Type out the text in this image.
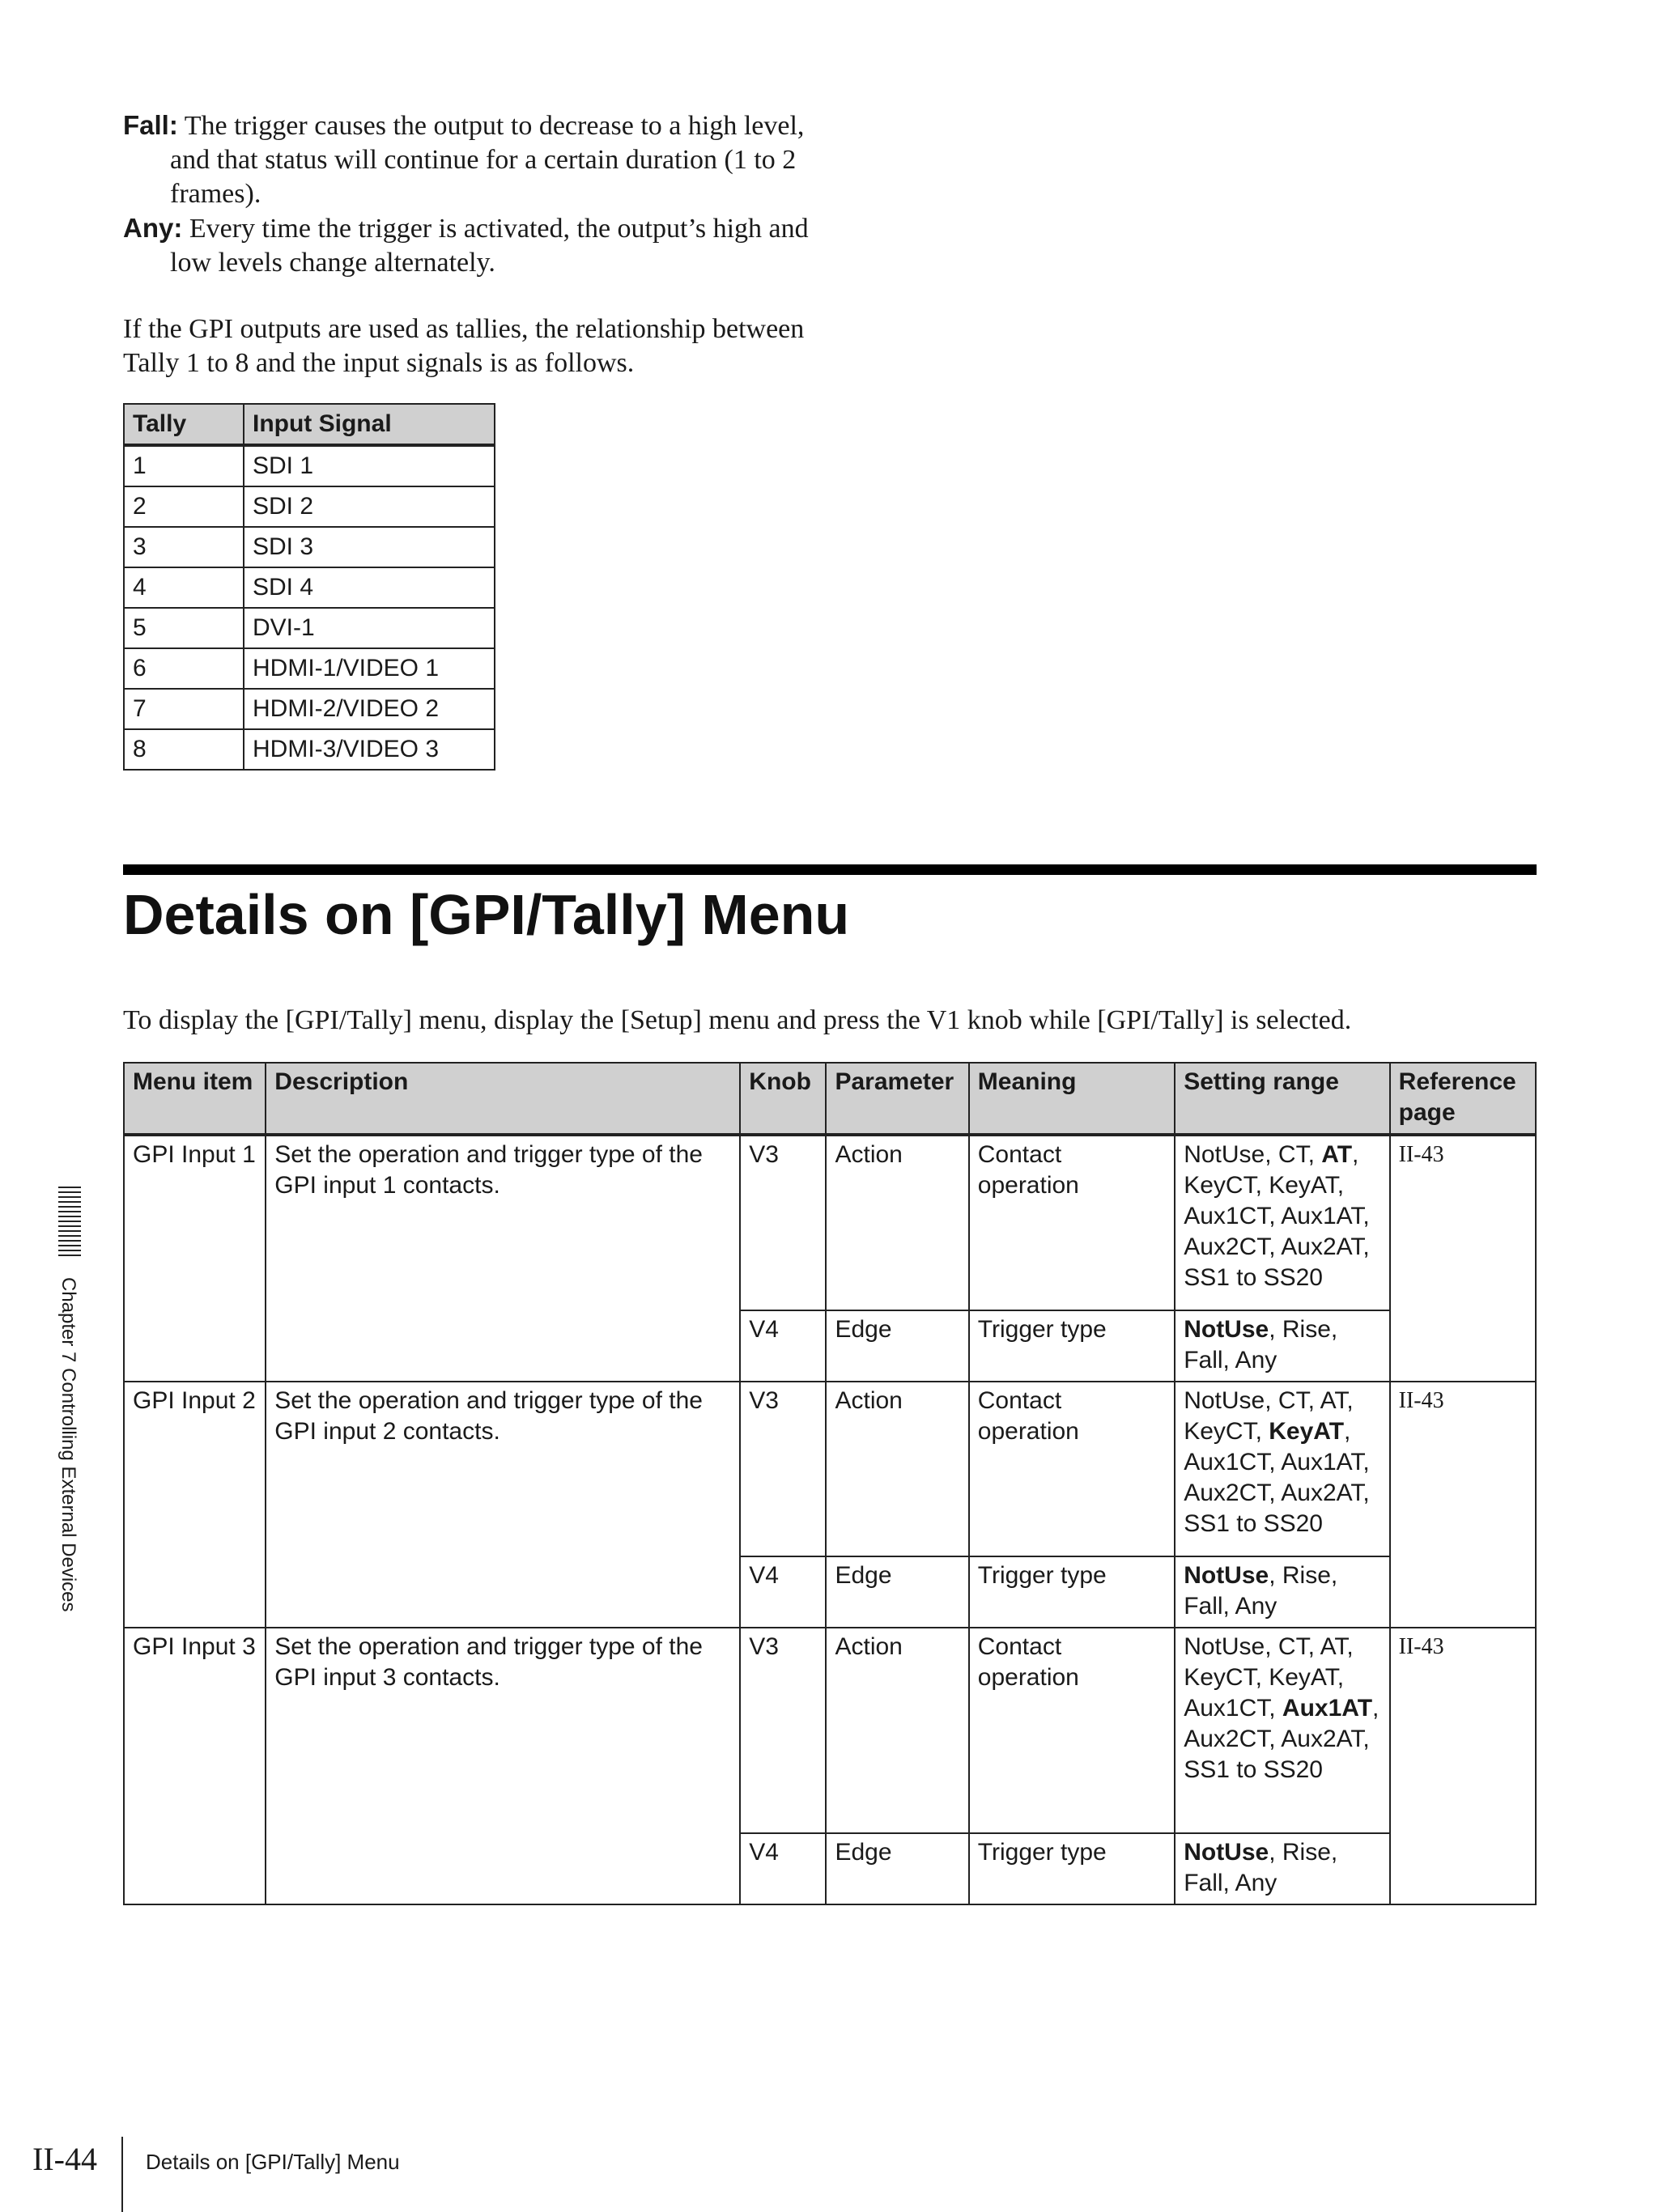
Fall: The trigger causes the output to decrease to a high level, and that status will continue for a certain duration (1 to 2 frames).
Any: Every time the trigger is activated, the output’s high and low levels change alternately.
If the GPI outputs are used as tallies, the relationship between Tally 1 to 8 and the input signals is as follows.
Tally	Input Signal
1	SDI 1
2	SDI 2
3	SDI 3
4	SDI 4
5	DVI-1
6	HDMI-1/VIDEO 1
7	HDMI-2/VIDEO 2
8	HDMI-3/VIDEO 3
Details on [GPI/Tally] Menu
To display the [GPI/Tally] menu, display the [Setup] menu and press the V1 knob while [GPI/Tally] is selected.
Menu item	Description	Knob	Parameter	Meaning	Setting range	Reference page
GPI Input 1	Set the operation and trigger type of the GPI input 1 contacts.	V3	Action	Contact operation	NotUse, CT, AT, KeyCT, KeyAT, Aux1CT, Aux1AT, Aux2CT, Aux2AT, SS1 to SS20	II-43
		V4	Edge	Trigger type	NotUse, Rise, Fall, Any	
GPI Input 2	Set the operation and trigger type of the GPI input 2 contacts.	V3	Action	Contact operation	NotUse, CT, AT, KeyCT, KeyAT, Aux1CT, Aux1AT, Aux2CT, Aux2AT, SS1 to SS20	II-43
		V4	Edge	Trigger type	NotUse, Rise, Fall, Any	
GPI Input 3	Set the operation and trigger type of the GPI input 3 contacts.	V3	Action	Contact operation	NotUse, CT, AT, KeyCT, KeyAT, Aux1CT, Aux1AT, Aux2CT, Aux2AT, SS1 to SS20	II-43
		V4	Edge	Trigger type	NotUse, Rise, Fall, Any	
Chapter 7 Controlling External Devices
II-44 Details on [GPI/Tally] Menu
